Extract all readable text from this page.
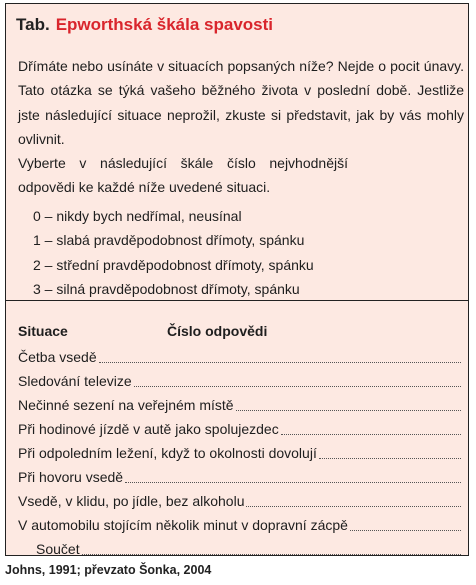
Tab. Epworthská škála spavosti

Dřímáte nebo usínáte v situacích popsaných níže? Nejde o pocit únavy. Tato otázka se týká vašeho běžného života v poslední době. Jestliže jste následující situace neprožil, zkuste si představit, jak by vás mohly ovlivnit.

Vyberte v následující škále číslo nejvhodnější odpovědi ke každé níže uvedené situaci.

0 – nikdy bych nedřímal, neusínal
1 – slabá pravděpodobnost dřímoty, spánku
2 – střední pravděpodobnost dřímoty, spánku
3 – silná pravděpodobnost dřímoty, spánku
Situace	Číslo odpovědi
Četba vsedě
Sledování televize
Nečinné sezení na veřejném místě
Při hodinové jízdě v autě jako spolujezdec
Při odpoledním ležení, když to okolnosti dovolují
Při hovoru vsedě
Vsedě, v klidu, po jídle, bez alkoholu
V automobilu stojícím několik minut v dopravní zácpě
Součet
Johns, 1991; převzato Šonka, 2004
